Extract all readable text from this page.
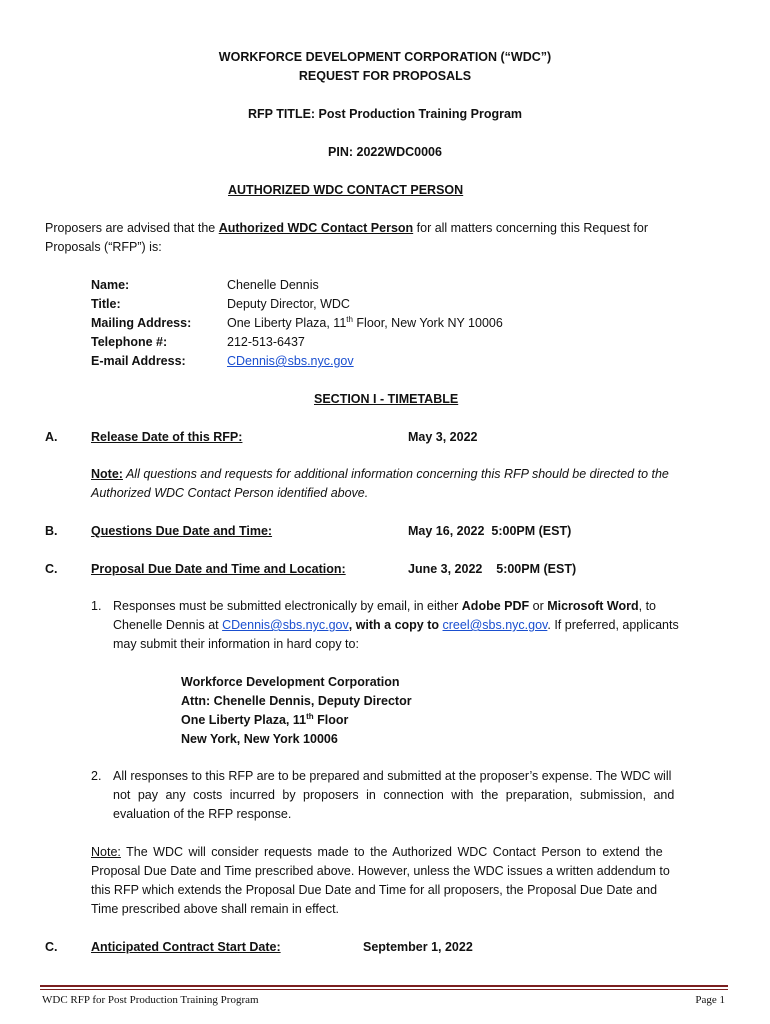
WORKFORCE DEVELOPMENT CORPORATION (“WDC”)
REQUEST FOR PROPOSALS
RFP TITLE: Post Production Training Program
PIN: 2022WDC0006
AUTHORIZED WDC CONTACT PERSON
Proposers are advised that the Authorized WDC Contact Person for all matters concerning this Request for
Proposals (“RFP”) is:
Name:	Chenelle Dennis
Title:	Deputy Director, WDC
Mailing Address:	One Liberty Plaza, 11th Floor, New York NY 10006
Telephone #:	212-513-6437
E-mail Address:	CDennis@sbs.nyc.gov
SECTION I - TIMETABLE
A.	Release Date of this RFP:	May 3, 2022
Note: All questions and requests for additional information concerning this RFP should be directed to the
Authorized WDC Contact Person identified above.
B.	Questions Due Date and Time:	May 16, 2022  5:00PM (EST)
C.	Proposal Due Date and Time and Location:	June 3, 2022    5:00PM (EST)
1. Responses must be submitted electronically by email, in either Adobe PDF or Microsoft Word, to
Chenelle Dennis at CDennis@sbs.nyc.gov, with a copy to creel@sbs.nyc.gov. If preferred, applicants
may submit their information in hard copy to:
Workforce Development Corporation
Attn: Chenelle Dennis, Deputy Director
One Liberty Plaza, 11th Floor
New York, New York 10006
2. All responses to this RFP are to be prepared and submitted at the proposer’s expense. The WDC will
not pay any costs incurred by proposers in connection with the preparation, submission, and
evaluation of the RFP response.
Note: The WDC will consider requests made to the Authorized WDC Contact Person to extend the
Proposal Due Date and Time prescribed above. However, unless the WDC issues a written addendum to
this RFP which extends the Proposal Due Date and Time for all proposers, the Proposal Due Date and
Time prescribed above shall remain in effect.
C.	Anticipated Contract Start Date:	September 1, 2022
WDC RFP for Post Production Training Program	Page 1
